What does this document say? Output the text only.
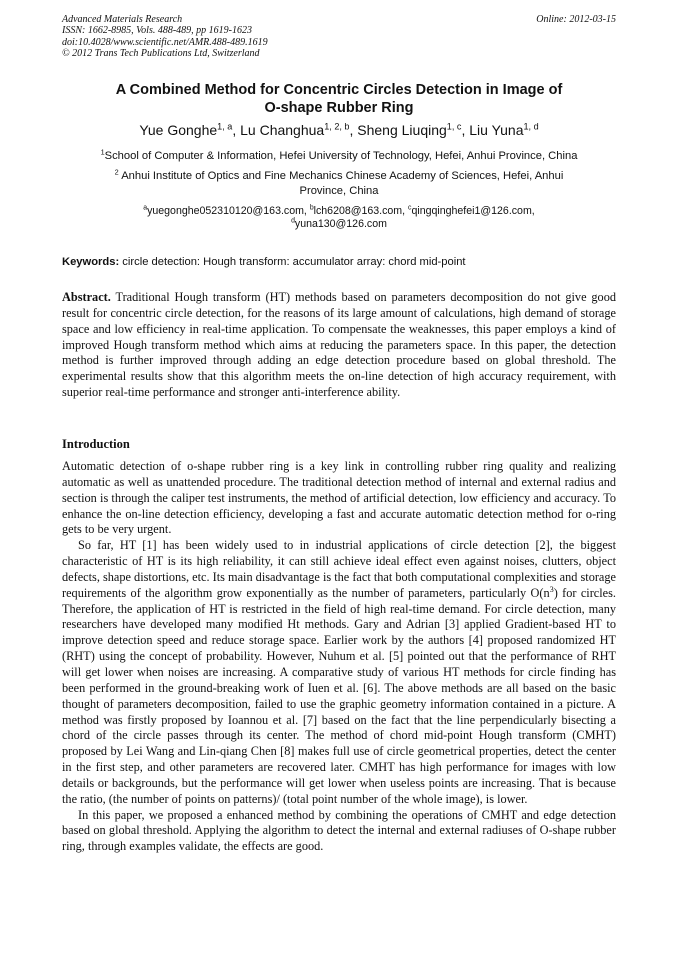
Advanced Materials Research
ISSN: 1662-8985, Vols. 488-489, pp 1619-1623
doi:10.4028/www.scientific.net/AMR.488-489.1619
© 2012 Trans Tech Publications Ltd, Switzerland
Online: 2012-03-15
A Combined Method for Concentric Circles Detection in Image of
O-shape Rubber Ring
Yue Gonghe$^{1, a}$, Lu Changhua$^{1, 2, b}$, Sheng Liuqing$^{1, c}$, Liu Yuna$^{1, d}$
$^1$School of Computer & Information, Hefei University of Technology, Hefei, Anhui Province, China
$^2$ Anhui Institute of Optics and Fine Mechanics Chinese Academy of Sciences, Hefei, Anhui
Province, China
$^a$yuegonghe052310120@163.com, $^b$lch6208@163.com, $^c$qingqinghefei1@126.com,
$^d$yuna130@126.com
Keywords: circle detection: Hough transform: accumulator array: chord mid-point
Abstract. Traditional Hough transform (HT) methods based on parameters decomposition do not give good result for concentric circle detection, for the reasons of its large amount of calculations, high demand of storage space and low efficiency in real-time application. To compensate the weaknesses, this paper employs a kind of improved Hough transform method which aims at reducing the parameters space. In this paper, the detection method is further improved through adding an edge detection procedure based on global threshold. The experimental results show that this algorithm meets the on-line detection of high accuracy requirement, with superior real-time performance and stronger anti-interference ability.
Introduction

Automatic detection of o-shape rubber ring is a key link in controlling rubber ring quality and realizing automatic as well as unattended procedure. The traditional detection method of internal and external radius and section is through the caliper test instruments, the method of artificial detection, low efficiency and accuracy. To enhance the on-line detection efficiency, developing a fast and accurate automatic detection method for o-ring gets to be very urgent.

So far, HT [1] has been widely used to in industrial applications of circle detection [2], the biggest characteristic of HT is its high reliability, it can still achieve ideal effect even against noises, clutters, object defects, shape distortions, etc. Its main disadvantage is the fact that both computational complexities and storage requirements of the algorithm grow exponentially as the number of parameters, particularly $O(n^3)$ for circles. Therefore, the application of HT is restricted in the field of high real-time demand. For circle detection, many researchers have developed many modified Ht methods. Gary and Adrian [3] applied Gradient-based HT to improve detection speed and reduce storage space. Earlier work by the authors [4] proposed randomized HT (RHT) using the concept of probability. However, Nuhum et al. [5] pointed out that the performance of RHT will get lower when noises are increasing. A comparative study of various HT methods for circle finding has been performed in the ground-breaking work of Iuen et al. [6]. The above methods are all based on the basic thought of parameters decomposition, failed to use the graphic geometry information contained in a picture. A method was firstly proposed by Ioannou et al. [7] based on the fact that the line perpendicularly bisecting a chord of the circle passes through its center. The method of chord mid-point Hough transform (CMHT) proposed by Lei Wang and Lin-qiang Chen [8] makes full use of circle geometrical properties, detect the center in the first step, and other parameters are recovered later. CMHT has high performance for images with low details or backgrounds, but the performance will get lower when useless points are increasing. That is because the ratio, (the number of points on patterns)/ (total point number of the whole image), is lower.

In this paper, we proposed a enhanced method by combining the operations of CMHT and edge detection based on global threshold. Applying the algorithm to detect the internal and external radiuses of O-shape rubber ring, through examples validate, the effects are good.
